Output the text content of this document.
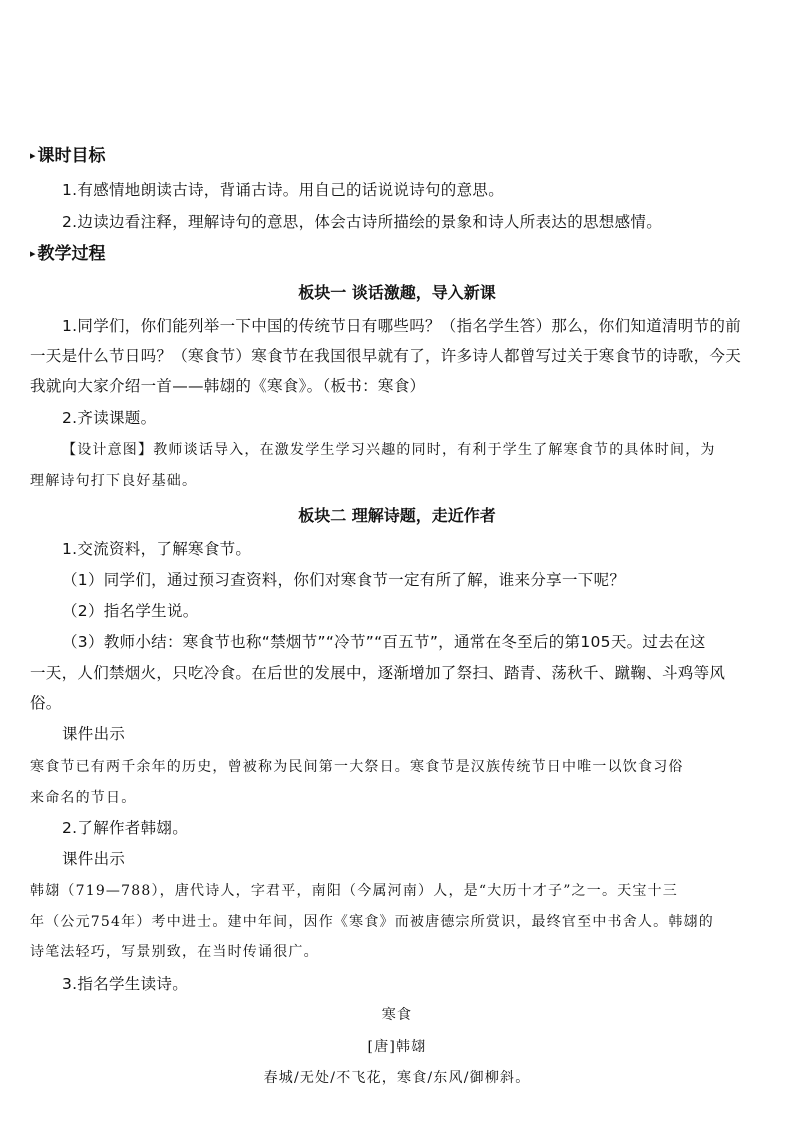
▸ 课时目标
1.有感情地朗读古诗，背诵古诗。用自己的话说说诗句的意思。
2.边读边看注释，理解诗句的意思，体会古诗所描绘的景象和诗人所表达的思想感情。
▸ 教学过程
板块一 谈话激趣，导入新课
1.同学们，你们能列举一下中国的传统节日有哪些吗？（指名学生答）那么，你们知道清明节的前
一天是什么节日吗？（寒食节）寒食节在我国很早就有了，许多诗人都曾写过关于寒食节的诗歌，今天
我就向大家介绍一首——韩翃的《寒食》。（板书：寒食）
2.齐读课题。
【设计意图】教师谈话导入，在激发学生学习兴趣的同时，有利于学生了解寒食节的具体时间，为
理解诗句打下良好基础。
板块二 理解诗题，走近作者
1.交流资料，了解寒食节。
（1）同学们，通过预习查资料，你们对寒食节一定有所了解，谁来分享一下呢？
（2）指名学生说。
（3）教师小结：寒食节也称“禁烟节”“冷节”“百五节”，通常在冬至后的第105天。过去在这
一天，人们禁烟火，只吃冷食。在后世的发展中，逐渐增加了祭扫、踏青、荡秋千、蹴鞠、斗鸡等风
俗。
课件出示
寒食节已有两千余年的历史，曾被称为民间第一大祭日。寒食节是汉族传统节日中唯一以饮食习俗
来命名的节日。
2.了解作者韩翃。
课件出示
韩翃（719—788），唐代诗人，字君平，南阳（今属河南）人，是“大历十才子”之一。天宝十三
年（公元754年）考中进士。建中年间，因作《寒食》而被唐德宗所赏识，最终官至中书舍人。韩翃的
诗笔法轻巧，写景别致，在当时传诵很广。
3.指名学生读诗。
寒食
[唐]韩翃
春城/无处/不飞花，寒食/东风/御柳斜。
